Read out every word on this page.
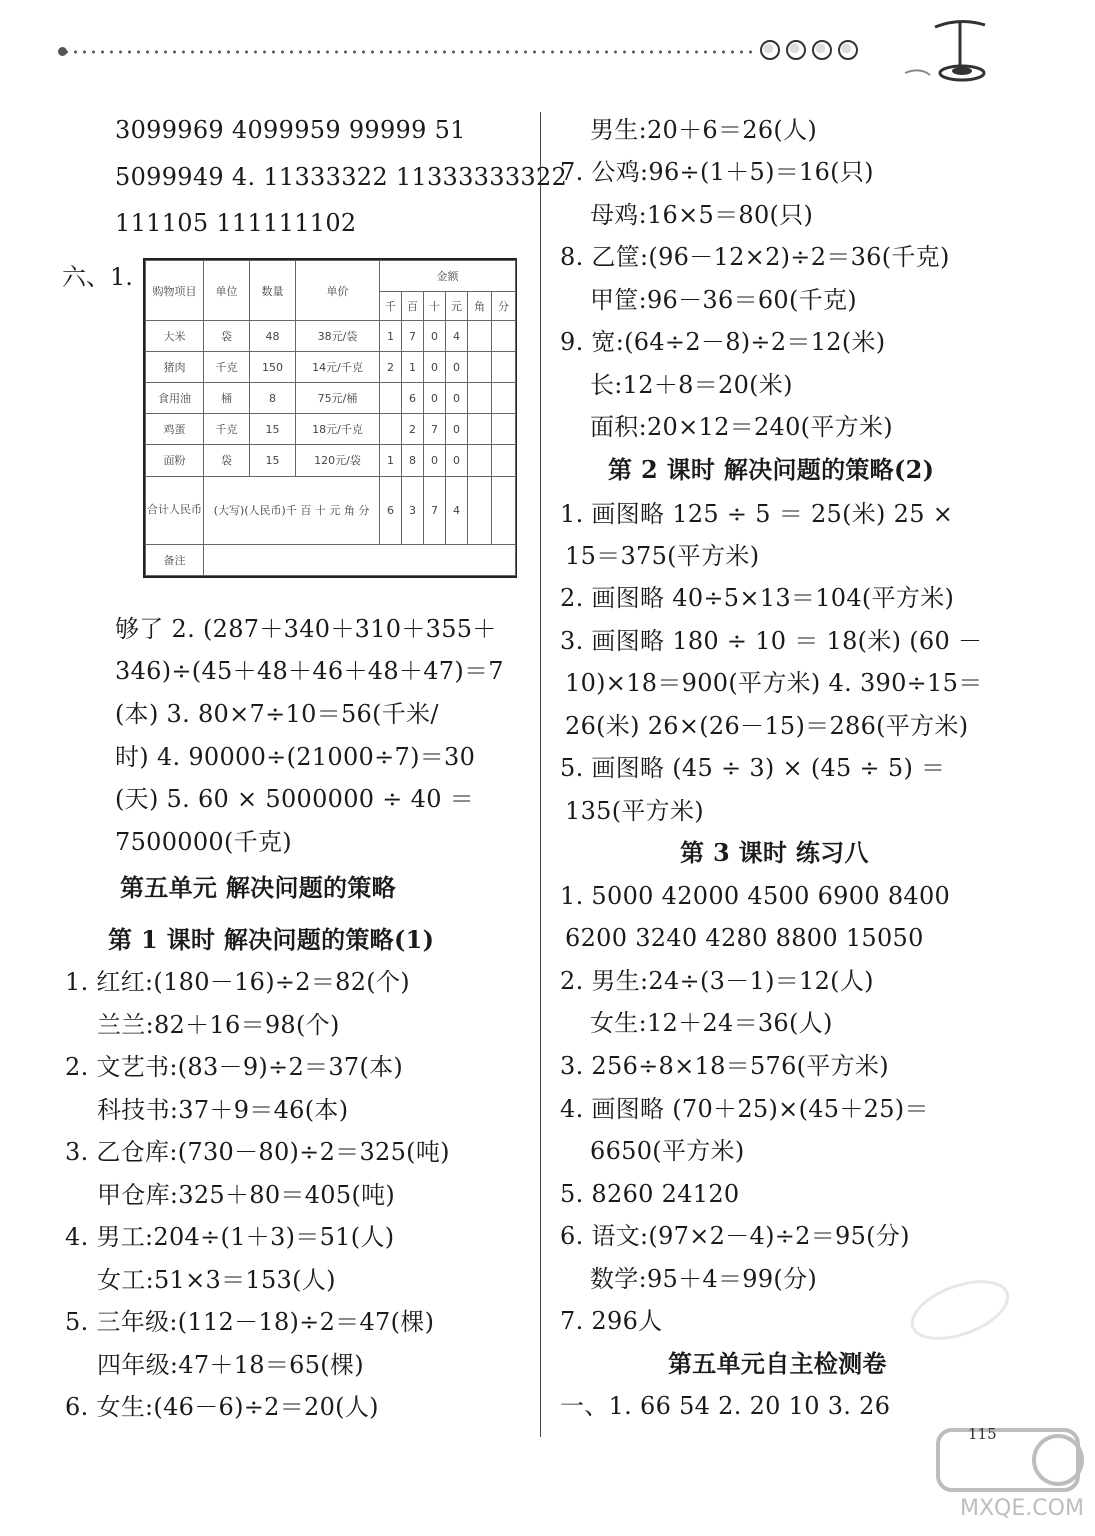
六、1.
购物项目	单位	数量	单价	金额					
				千	百	十	元	角	分
大米	袋	48	38元/袋	1	7	0	4		
猪肉	千克	150	14元/千克	2	1	0	0		
食用油	桶	8	75元/桶		6	0	0		
鸡蛋	千克	15	18元/千克		2	7	0		
面粉	袋	15	120元/袋	1	8	0	0		
合计人民币	(大写)(人民币)千 百 十 元 角 分			6	3	7	4		
备注									
MXQE.COM
115
3099969 4099959 99999 51
5099949 4. 11333322 11333333322
111105 111111102
够了 2. (287＋340＋310＋355＋
346)÷(45＋48＋46＋48＋47)＝7
(本) 3. 80×7÷10＝56(千米/
时) 4. 90000÷(21000÷7)＝30
(天) 5. 60 × 5000000 ÷ 40 ＝
7500000(千克)
第五单元 解决问题的策略
第 1 课时 解决问题的策略(1)
1. 红红:(180－16)÷2＝82(个)
兰兰:82＋16＝98(个)
2. 文艺书:(83－9)÷2＝37(本)
科技书:37＋9＝46(本)
3. 乙仓库:(730－80)÷2＝325(吨)
甲仓库:325＋80＝405(吨)
4. 男工:204÷(1＋3)＝51(人)
女工:51×3＝153(人)
5. 三年级:(112－18)÷2＝47(棵)
四年级:47＋18＝65(棵)
6. 女生:(46－6)÷2＝20(人)
男生:20＋6＝26(人)
7. 公鸡:96÷(1＋5)＝16(只)
母鸡:16×5＝80(只)
8. 乙筐:(96－12×2)÷2＝36(千克)
甲筐:96－36＝60(千克)
9. 宽:(64÷2－8)÷2＝12(米)
长:12＋8＝20(米)
面积:20×12＝240(平方米)
第 2 课时 解决问题的策略(2)
1. 画图略 125 ÷ 5 ＝ 25(米) 25 ×
15＝375(平方米)
2. 画图略 40÷5×13＝104(平方米)
3. 画图略 180 ÷ 10 ＝ 18(米) (60 －
10)×18＝900(平方米) 4. 390÷15＝
26(米) 26×(26－15)＝286(平方米)
5. 画图略 (45 ÷ 3) × (45 ÷ 5) ＝
135(平方米)
第 3 课时 练习八
1. 5000 42000 4500 6900 8400
6200 3240 4280 8800 15050
2. 男生:24÷(3－1)＝12(人)
女生:12＋24＝36(人)
3. 256÷8×18＝576(平方米)
4. 画图略 (70＋25)×(45＋25)＝
6650(平方米)
5. 8260 24120
6. 语文:(97×2－4)÷2＝95(分)
数学:95＋4＝99(分)
7. 296人
第五单元自主检测卷
一、1. 66 54 2. 20 10 3. 26
